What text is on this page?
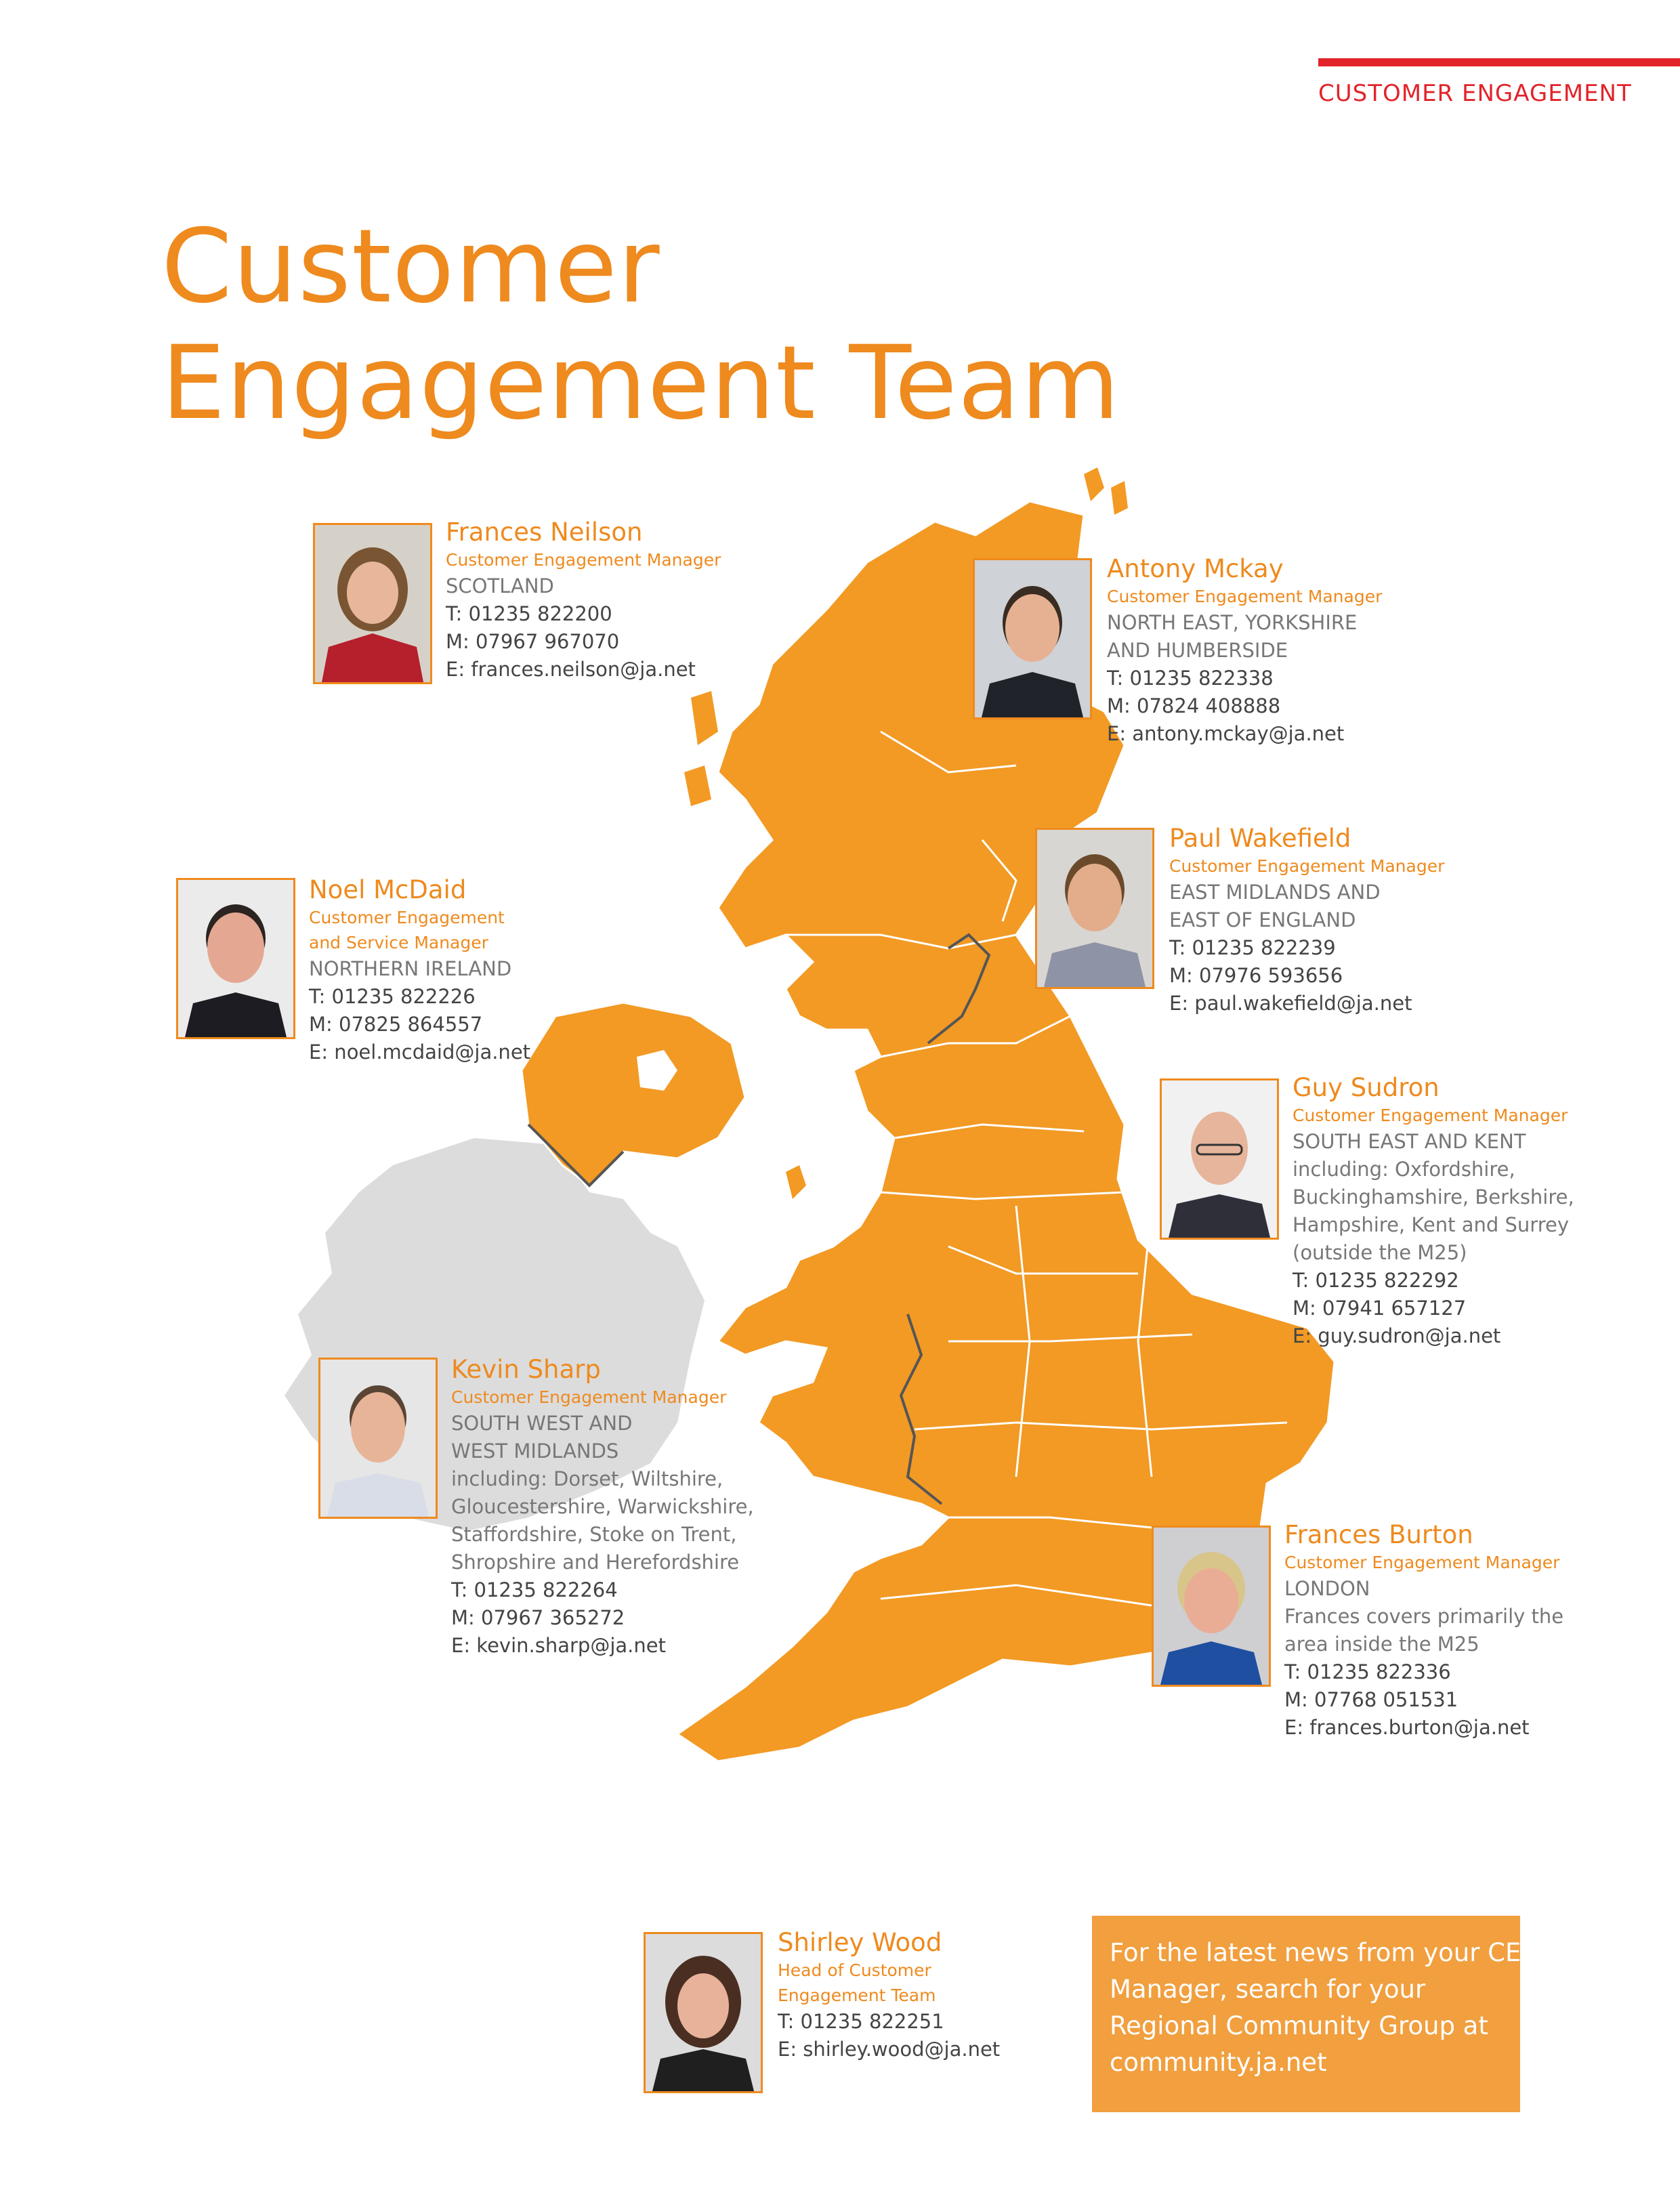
CUSTOMER ENGAGEMENT
Customer
Engagement Team
Frances Neilson
Customer Engagement Manager
SCOTLAND
T: 01235 822200
M: 07967 967070
E: frances.neilson@ja.net
Antony Mckay
Customer Engagement Manager
NORTH EAST, YORKSHIRE
AND HUMBERSIDE
T: 01235 822338
M: 07824 408888
E: antony.mckay@ja.net
Paul Wakefield
Customer Engagement Manager
EAST MIDLANDS AND
EAST OF ENGLAND
T: 01235 822239
M: 07976 593656
E: paul.wakefield@ja.net
Noel McDaid
Customer Engagement
and Service Manager
NORTHERN IRELAND
T: 01235 822226
M: 07825 864557
E: noel.mcdaid@ja.net
Guy Sudron
Customer Engagement Manager
SOUTH EAST AND KENT
including: Oxfordshire,
Buckinghamshire, Berkshire,
Hampshire, Kent and Surrey
(outside the M25)
T: 01235 822292
M: 07941 657127
E: guy.sudron@ja.net
Kevin Sharp
Customer Engagement Manager
SOUTH WEST AND
WEST MIDLANDS
including: Dorset, Wiltshire,
Gloucestershire, Warwickshire,
Staffordshire, Stoke on Trent,
Shropshire and Herefordshire
T: 01235 822264
M: 07967 365272
E: kevin.sharp@ja.net
Frances Burton
Customer Engagement Manager
LONDON
Frances covers primarily the
area inside the M25
T: 01235 822336
M: 07768 051531
E: frances.burton@ja.net
Shirley Wood
Head of Customer
Engagement Team
T: 01235 822251
E: shirley.wood@ja.net
For the latest news from your CE
Manager, search for your
Regional Community Group at
community.ja.net
